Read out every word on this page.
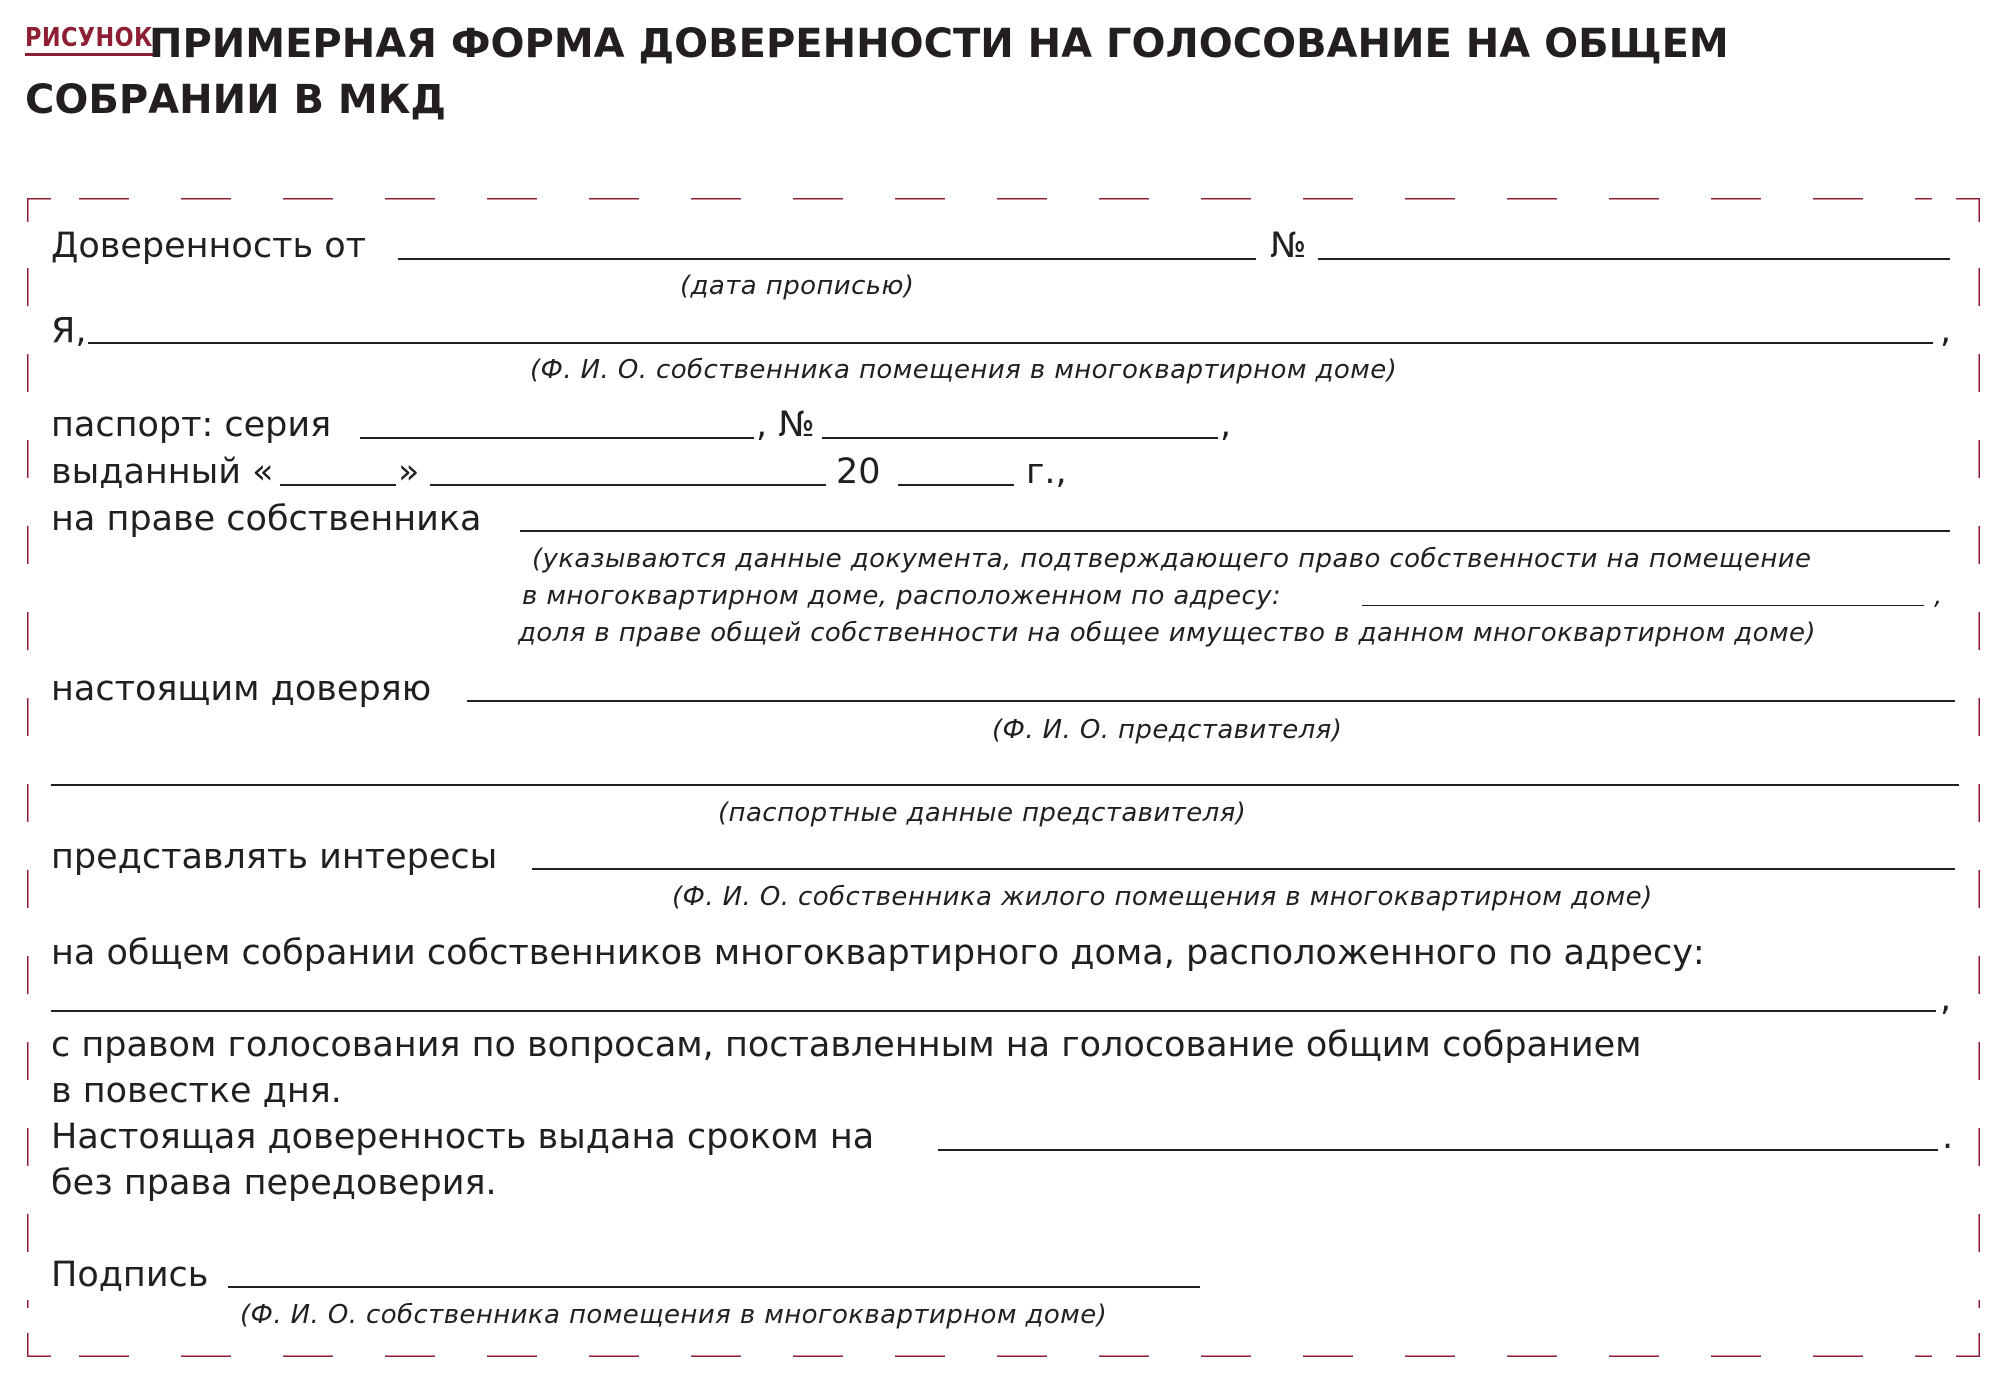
РИСУНОК
ПРИМЕРНАЯ ФОРМА ДОВЕРЕННОСТИ НА ГОЛОСОВАНИЕ НА ОБЩЕМ СОБРАНИИ В МКД
Доверенность от	№
(дата прописью)
Я,	,
(Ф. И. О. собственника помещения в многоквартирном доме)
паспорт: серия	, №	,
выданный «	»	20	г.,
на праве собственника
(указываются данные документа, подтверждающего право собственности на помещение
в многоквартирном доме, расположенном по адресу:	,
доля в праве общей собственности на общее имущество в данном многоквартирном доме)
настоящим доверяю
(Ф. И. О. представителя)
(паспортные данные представителя)
представлять интересы
(Ф. И. О. собственника жилого помещения в многоквартирном доме)
на общем собрании собственников многоквартирного дома, расположенного по адресу:
,
с правом голосования по вопросам, поставленным на голосование общим собранием
в повестке дня.
Настоящая доверенность выдана сроком на	.
без права передоверия.
Подпись
(Ф. И. О. собственника помещения в многоквартирном доме)
